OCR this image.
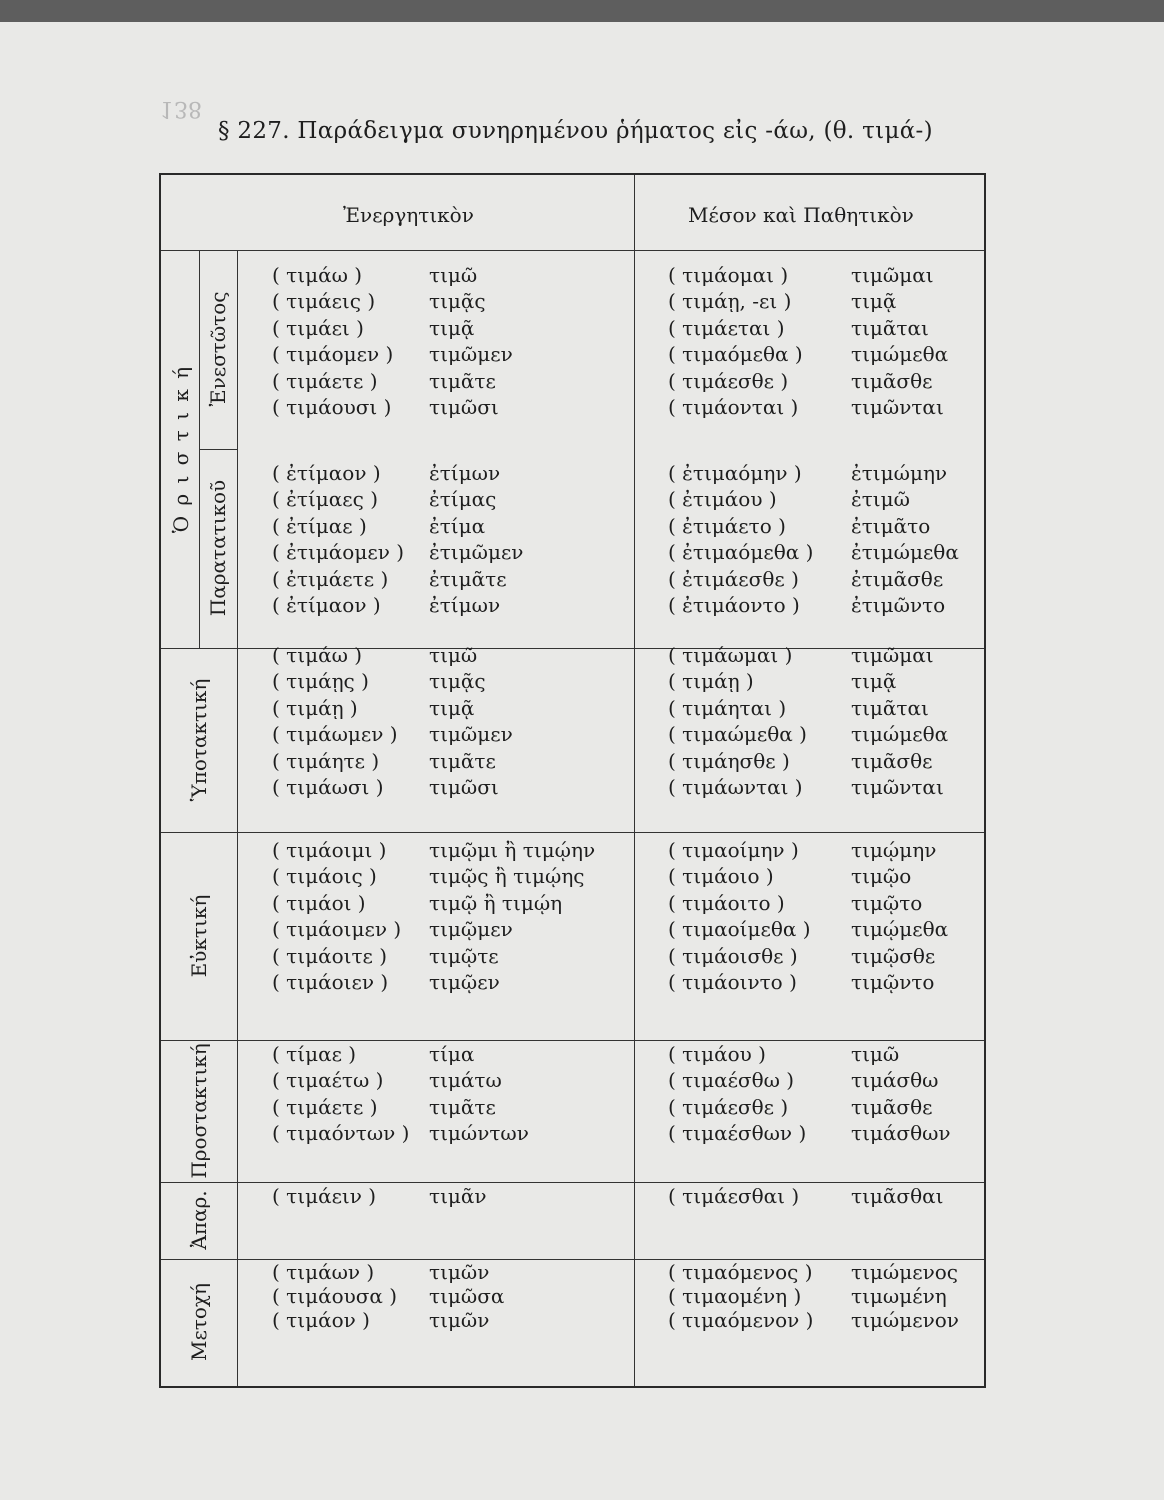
138
§ 227. Παράδειγμα συνηρημένου ῥήματος εἰς -άω, (θ. τιμά-)
Ἐνεργητικὸν	Μέσον καὶ Παθητικὸν
Ὁ ρ ι σ τ ι κ ή
Ἐνεστῶτος
Παρατατικοῦ
Ὑποτακτική
Εὐκτική
Προστακτική
Ἀπαρ.
Μετοχή
( τιμάω )	τιμῶ	( τιμάομαι )	τιμῶμαι
( τιμάεις )	τιμᾷς	( τιμάῃ, -ει )	τιμᾷ
( τιμάει )	τιμᾷ	( τιμάεται )	τιμᾶται
( τιμάομεν ) τιμῶμεν	( τιμαόμεθα ) τιμώμεθα
( τιμάετε )	τιμᾶτε	( τιμάεσθε )	τιμᾶσθε
( τιμάουσι ) τιμῶσι	( τιμάονται )	τιμῶνται
( ἐτίμαον ) ἐτίμων	( ἐτιμαόμην ) ἐτιμώμην
( ἐτίμαες )	ἐτίμας	( ἐτιμάου )	ἐτιμῶ
( ἐτίμαε )	ἐτίμα	( ἐτιμάετο )	ἐτιμᾶτο
( ἐτιμάομεν ) ἐτιμῶμεν	( ἐτιμαόμεθα ) ἐτιμώμεθα
( ἐτιμάετε ) ἐτιμᾶτε	( ἐτιμάεσθε )	ἐτιμᾶσθε
( ἐτίμαον ) ἐτίμων	( ἐτιμάοντο )	ἐτιμῶντο
( τιμάω )	τιμῶ	( τιμάωμαι )	τιμῶμαι
( τιμάῃς )	τιμᾷς	( τιμάῃ )	τιμᾷ
( τιμάῃ )	τιμᾷ	( τιμάηται )	τιμᾶται
( τιμάωμεν ) τιμῶμεν	( τιμαώμεθα ) τιμώμεθα
( τιμάητε ) τιμᾶτε	( τιμάησθε )	τιμᾶσθε
( τιμάωσι ) τιμῶσι	( τιμάωνται ) τιμῶνται
( τιμάοιμι ) τιμῷμι ἢ τιμῴην	( τιμαοίμην )	τιμῴμην
( τιμάοις )	τιμῷς ἢ τιμῴης	( τιμάοιο )	τιμῷο
( τιμάοι )	τιμῷ ἢ τιμῴη	( τιμάοιτο )	τιμῷτο
( τιμάοιμεν ) τιμῷμεν	( τιμαοίμεθα ) τιμῴμεθα
( τιμάοιτε ) τιμῷτε	( τιμάοισθε )	τιμῷσθε
( τιμάοιεν ) τιμῷεν	( τιμάοιντο )	τιμῷντο
( τίμαε )	τίμα	( τιμάου )	τιμῶ
( τιμαέτω ) τιμάτω	( τιμαέσθω )	τιμάσθω
( τιμάετε )	τιμᾶτε	( τιμάεσθε )	τιμᾶσθε
( τιμαόντων ) τιμώντων	( τιμαέσθων ) τιμάσθων
( τιμάειν )	τιμᾶν	( τιμάεσθαι )	τιμᾶσθαι
( τιμάων )	τιμῶν	( τιμαόμενος ) τιμώμενος
( τιμάουσα ) τιμῶσα	( τιμαομένη ) τιμωμένη
( τιμάον )	τιμῶν	( τιμαόμενον ) τιμώμενον
